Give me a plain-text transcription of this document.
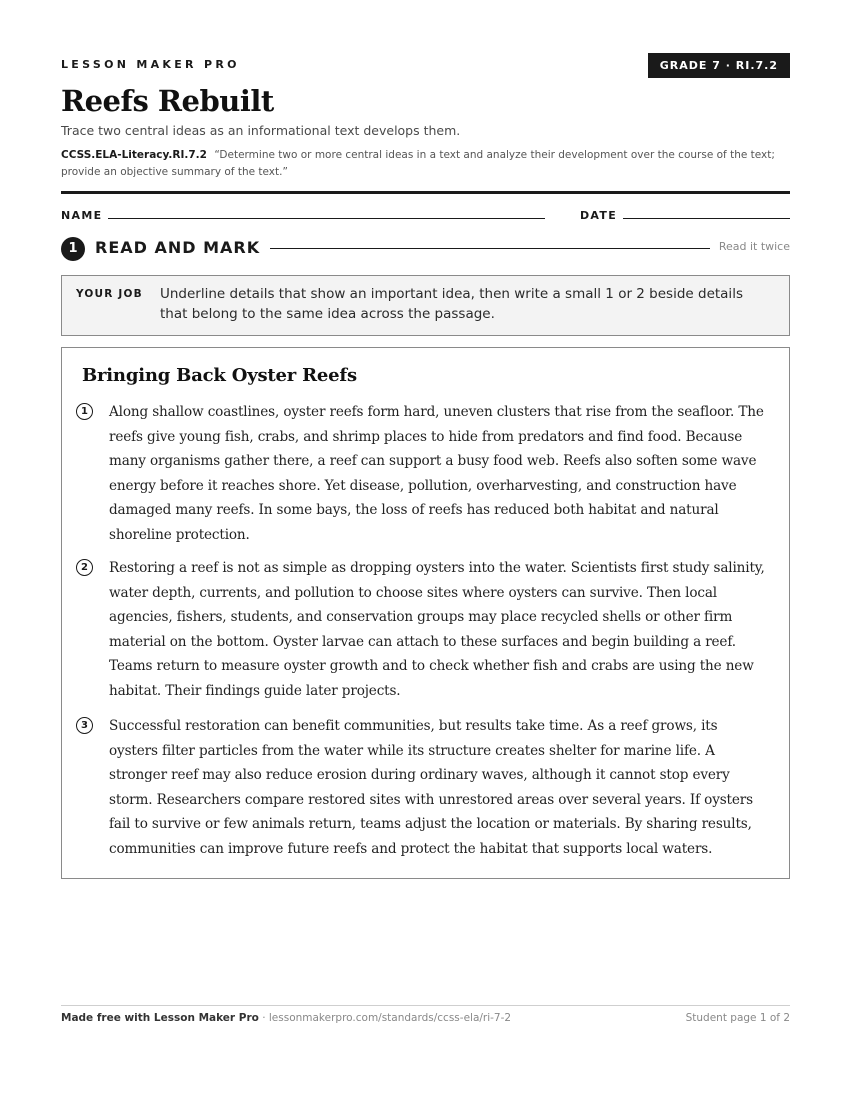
LESSON MAKER PRO	GRADE 7 · RI.7.2
Reefs Rebuilt
Trace two central ideas as an informational text develops them.
CCSS.ELA-Literacy.RI.7.2 “Determine two or more central ideas in a text and analyze their development over the course of the text; provide an objective summary of the text.”
NAME	DATE
1	READ AND MARK	Read it twice
YOUR JOB Underline details that show an important idea, then write a small 1 or 2 beside details that belong to the same idea across the passage.
Bringing Back Oyster Reefs
1	Along shallow coastlines, oyster reefs form hard, uneven clusters that rise from the seafloor. The reefs give young fish, crabs, and shrimp places to hide from predators and find food. Because many organisms gather there, a reef can support a busy food web. Reefs also soften some wave energy before it reaches shore. Yet disease, pollution, overharvesting, and construction have damaged many reefs. In some bays, the loss of reefs has reduced both habitat and natural shoreline protection.

2	Restoring a reef is not as simple as dropping oysters into the water. Scientists first study salinity, water depth, currents, and pollution to choose sites where oysters can survive. Then local agencies, fishers, students, and conservation groups may place recycled shells or other firm material on the bottom. Oyster larvae can attach to these surfaces and begin building a reef. Teams return to measure oyster growth and to check whether fish and crabs are using the new habitat. Their findings guide later projects.

3	Successful restoration can benefit communities, but results take time. As a reef grows, its oysters filter particles from the water while its structure creates shelter for marine life. A stronger reef may also reduce erosion during ordinary waves, although it cannot stop every storm. Researchers compare restored sites with unrestored areas over several years. If oysters fail to survive or few animals return, teams adjust the location or materials. By sharing results, communities can improve future reefs and protect the habitat that supports local waters.

Made free with Lesson Maker Pro · lessonmakerpro.com/standards/ccss-ela/ri-7-2	Student page 1 of 2
